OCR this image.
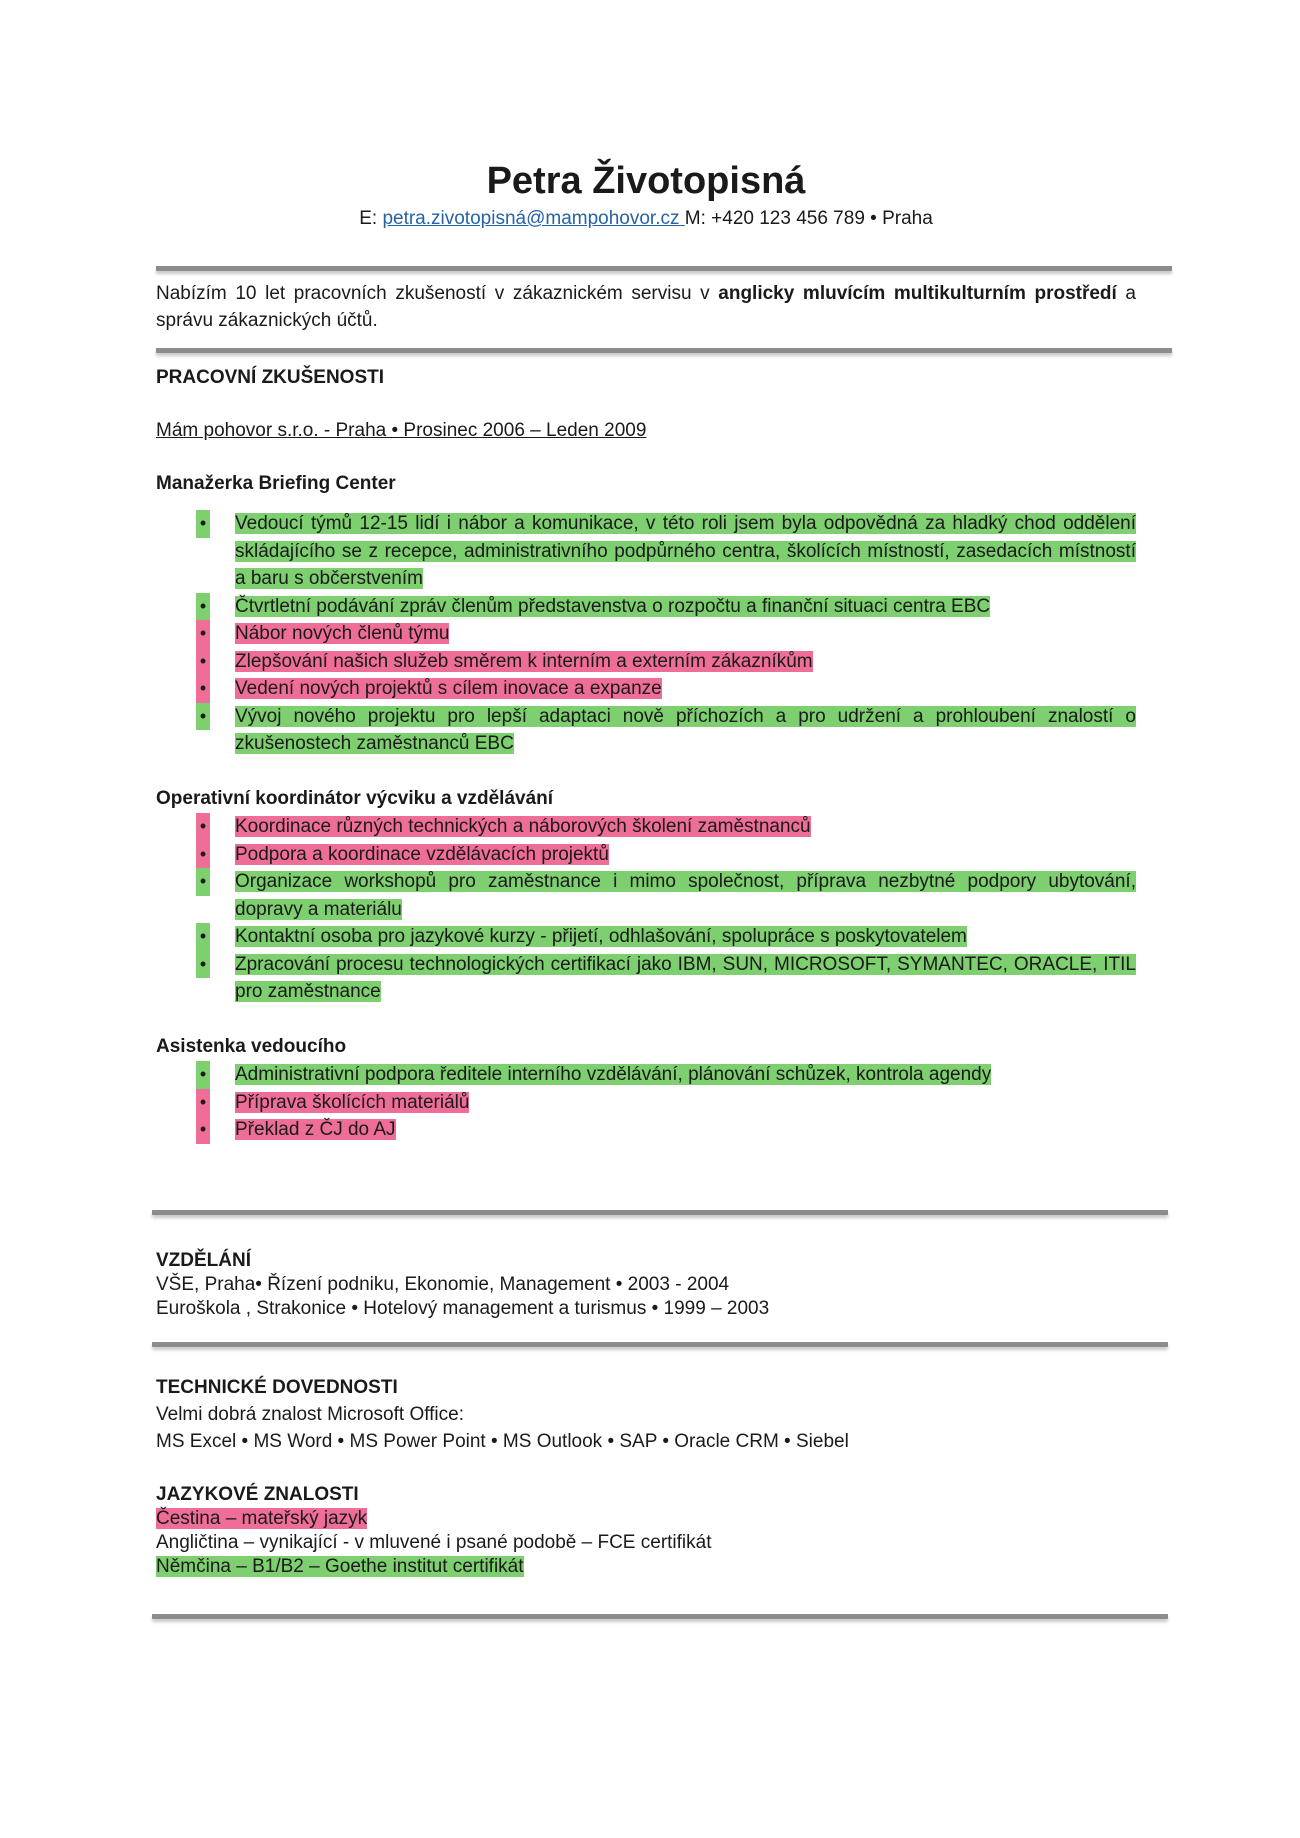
Petra Životopisná
E: petra.zivotopisná@mampohovor.cz M: +420 123 456 789 • Praha
Nabízím 10 let pracovních zkušeností v zákaznickém servisu v anglicky mluvícím multikulturním prostředí a správu zákaznických účtů.
PRACOVNÍ ZKUŠENOSTI
Mám pohovor s.r.o. - Praha • Prosinec 2006 – Leden 2009
Manažerka Briefing Center
• Vedoucí týmů 12-15 lidí i nábor a komunikace, v této roli jsem byla odpovědná za hladký chod oddělení skládajícího se z recepce, administrativního podpůrného centra, školících místností, zasedacích místností a baru s občerstvením
• Čtvrtletní podávání zpráv členům představenstva o rozpočtu a finanční situaci centra EBC
• Nábor nových členů týmu
• Zlepšování našich služeb směrem k interním a externím zákazníkům
• Vedení nových projektů s cílem inovace a expanze
• Vývoj nového projektu pro lepší adaptaci nově příchozích a pro udržení a prohloubení znalostí o zkušenostech zaměstnanců EBC
Operativní koordinátor výcviku a vzdělávání
• Koordinace různých technických a náborových školení zaměstnanců
• Podpora a koordinace vzdělávacích projektů
• Organizace workshopů pro zaměstnance i mimo společnost, příprava nezbytné podpory ubytování, dopravy a materiálu
• Kontaktní osoba pro jazykové kurzy - přijetí, odhlašování, spolupráce s poskytovatelem
• Zpracování procesu technologických certifikací jako IBM, SUN, MICROSOFT, SYMANTEC, ORACLE, ITIL pro zaměstnance
Asistenka vedoucího
• Administrativní podpora ředitele interního vzdělávání, plánování schůzek, kontrola agendy
• Příprava školících materiálů
• Překlad z ČJ do AJ
VZDĚLÁNÍ
VŠE, Praha• Řízení podniku, Ekonomie, Management • 2003 - 2004
Euroškola , Strakonice • Hotelový management a turismus • 1999 – 2003
TECHNICKÉ DOVEDNOSTI
Velmi dobrá znalost Microsoft Office:
MS Excel • MS Word • MS Power Point • MS Outlook • SAP • Oracle CRM • Siebel
JAZYKOVÉ ZNALOSTI
Čestina – mateřský jazyk
Angličtina – vynikající - v mluvené i psané podobě – FCE certifikát
Němčina – B1/B2 – Goethe institut certifikát
